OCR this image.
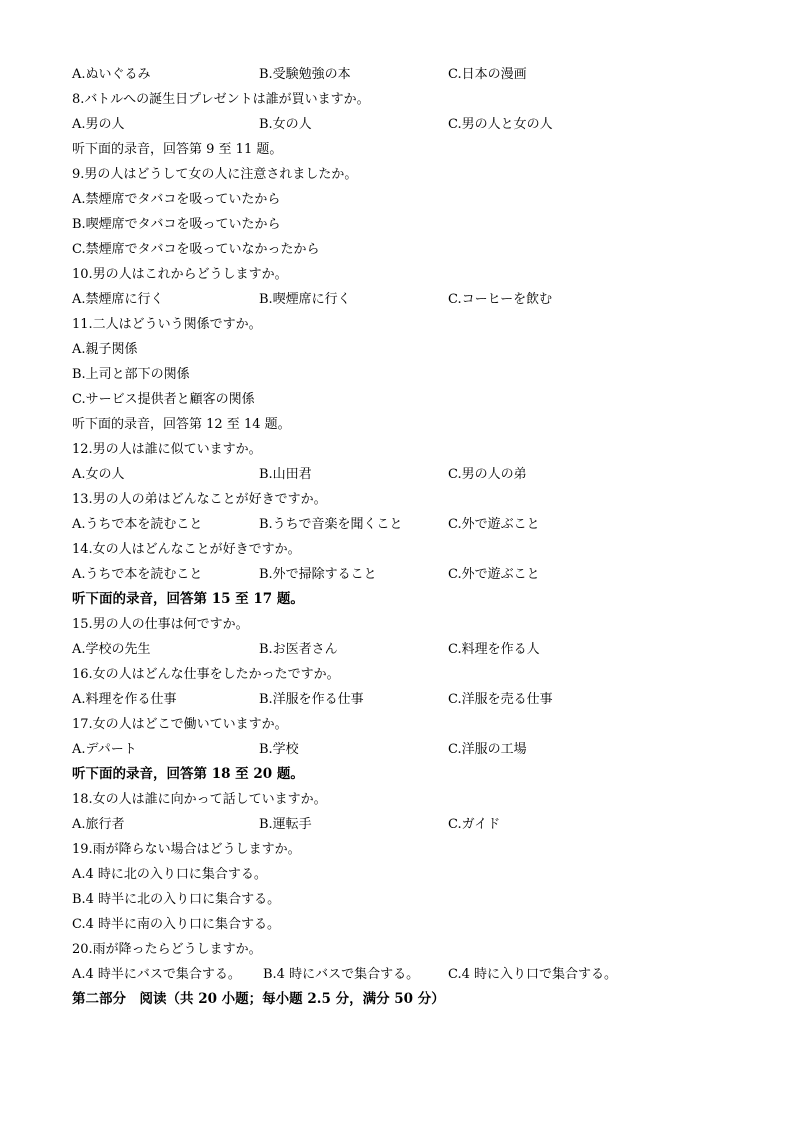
A.ぬいぐるみ	B.受験勉強の本	C.日本の漫画
8.バトルへの誕生日プレゼントは誰が買いますか。
A.男の人	B.女の人	C.男の人と女の人
听下面的录音，回答第 9 至 11 题。
9.男の人はどうして女の人に注意されましたか。
A.禁煙席でタバコを吸っていたから
B.喫煙席でタバコを吸っていたから
C.禁煙席でタバコを吸っていなかったから
10.男の人はこれからどうしますか。
A.禁煙席に行く	B.喫煙席に行く	C.コーヒーを飲む
11.二人はどういう関係ですか。
A.親子関係
B.上司と部下の関係
C.サービス提供者と顧客の関係
听下面的录音，回答第 12 至 14 题。
12.男の人は誰に似ていますか。
A.女の人	B.山田君	C.男の人の弟
13.男の人の弟はどんなことが好きですか。
A.うちで本を読むこと	B.うちで音楽を聞くこと	C.外で遊ぶこと
14.女の人はどんなことが好きですか。
A.うちで本を読むこと	B.外で掃除すること	C.外で遊ぶこと
听下面的录音，回答第 15 至 17 题。
15.男の人の仕事は何ですか。
A.学校の先生	B.お医者さん	C.料理を作る人
16.女の人はどんな仕事をしたかったですか。
A.料理を作る仕事	B.洋服を作る仕事	C.洋服を売る仕事
17.女の人はどこで働いていますか。
A.デパート	B.学校	C.洋服の工場
听下面的录音，回答第 18 至 20 题。
18.女の人は誰に向かって話していますか。
A.旅行者	B.運転手	C.ガイド
19.雨が降らない場合はどうしますか。
A.4 時に北の入り口に集合する。
B.4 時半に北の入り口に集合する。
C.4 時半に南の入り口に集合する。
20.雨が降ったらどうしますか。
A.4 時半にバスで集合する。 B.4 時にバスで集合する。 C.4 時に入り口で集合する。
第二部分　阅读（共 20 小题；每小题 2.5 分，满分 50 分）
